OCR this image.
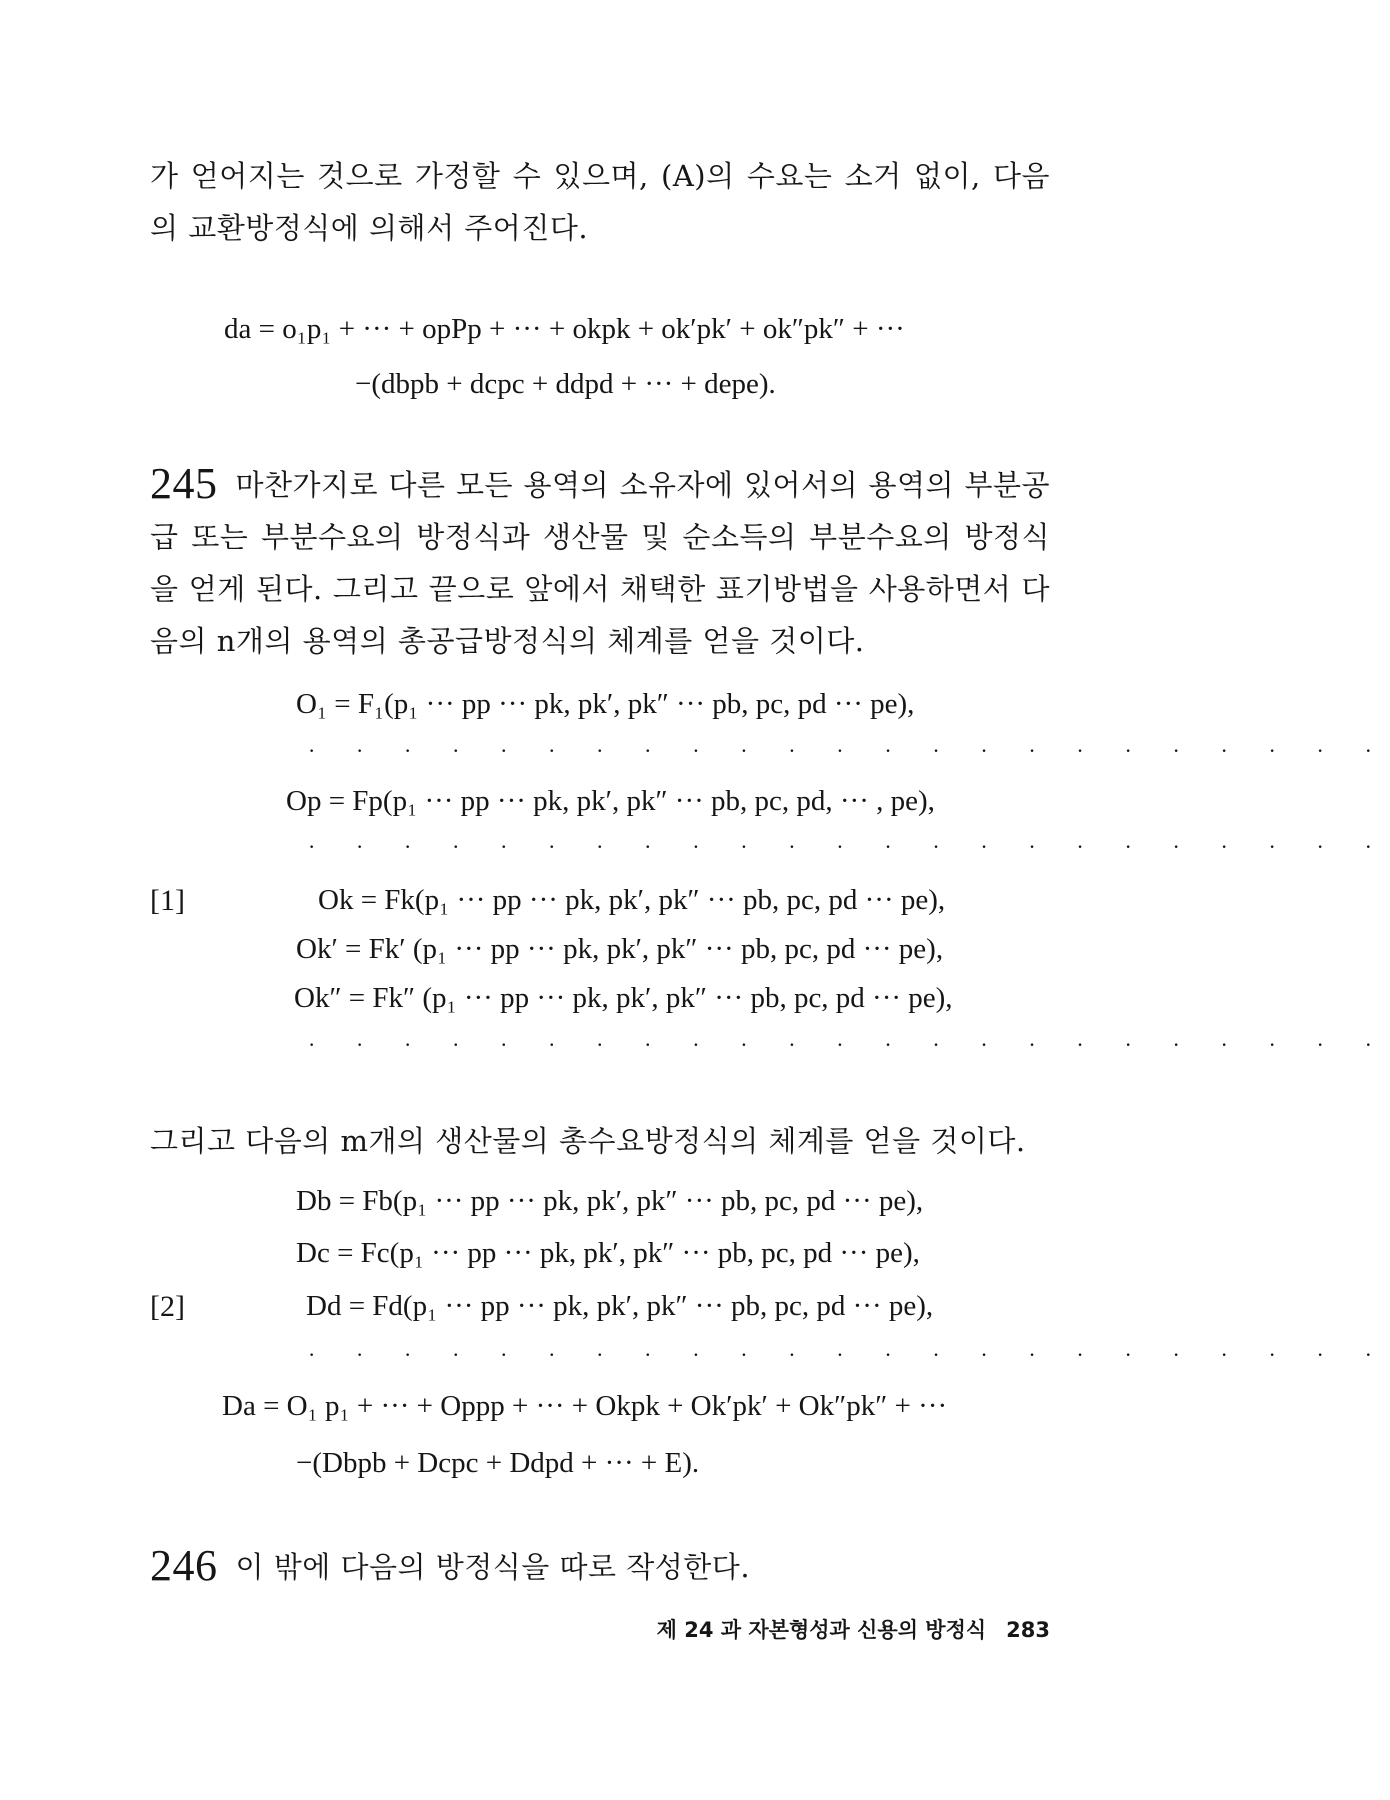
가 얻어지는 것으로 가정할 수 있으며, (A)의 수요는 소거 없이, 다음의 교환방정식에 의해서 주어진다.

da = o₁p₁ + ··· + opPp + ··· + okpk + ok′pk′ + ok″pk″ + ···
−(dbpb + dcpc + ddpd + ··· + depe).

245 마찬가지로 다른 모든 용역의 소유자에 있어서의 용역의 부분공급 또는 부분수요의 방정식과 생산물 및 순소득의 부분수요의 방정식을 얻게 된다. 그리고 끝으로 앞에서 채택한 표기방법을 사용하면서 다음의 n개의 용역의 총공급방정식의 체계를 얻을 것이다.

O₁ = F₁(p₁ ··· pp ··· pk, pk′, pk″ ··· pb, pc, pd ··· pe),
· · · · · · · · · · · · · · · · · · · · · · ·
Op = Fp(p₁ ··· pp ··· pk, pk′, pk″ ··· pb, pc, pd, ··· , pe),
· · · · · · · · · · · · · · · · · · · · · · ·
[1]	Ok = Fk(p₁ ··· pp ··· pk, pk′, pk″ ··· pb, pc, pd ··· pe),
Ok′ = Fk′ (p₁ ··· pp ··· pk, pk′, pk″ ··· pb, pc, pd ··· pe),
Ok″ = Fk″ (p₁ ··· pp ··· pk, pk′, pk″ ··· pb, pc, pd ··· pe),
· · · · · · · · · · · · · · · · · · · · · · ·

그리고 다음의 m개의 생산물의 총수요방정식의 체계를 얻을 것이다.

Db = Fb(p₁ ··· pp ··· pk, pk′, pk″ ··· pb, pc, pd ··· pe),
Dc = Fc(p₁ ··· pp ··· pk, pk′, pk″ ··· pb, pc, pd ··· pe),
[2]	Dd = Fd(p₁ ··· pp ··· pk, pk′, pk″ ··· pb, pc, pd ··· pe),
· · · · · · · · · · · · · · · · · · · · · · ·
Da = O₁ p₁ + ··· + Oppp + ··· + Okpk + Ok′pk′ + Ok″pk″ + ···
−(Dbpb + Dcpc + Ddpd + ··· + E).

246 이 밖에 다음의 방정식을 따로 작성한다.

제 24 과 자본형성과 신용의 방정식 283
